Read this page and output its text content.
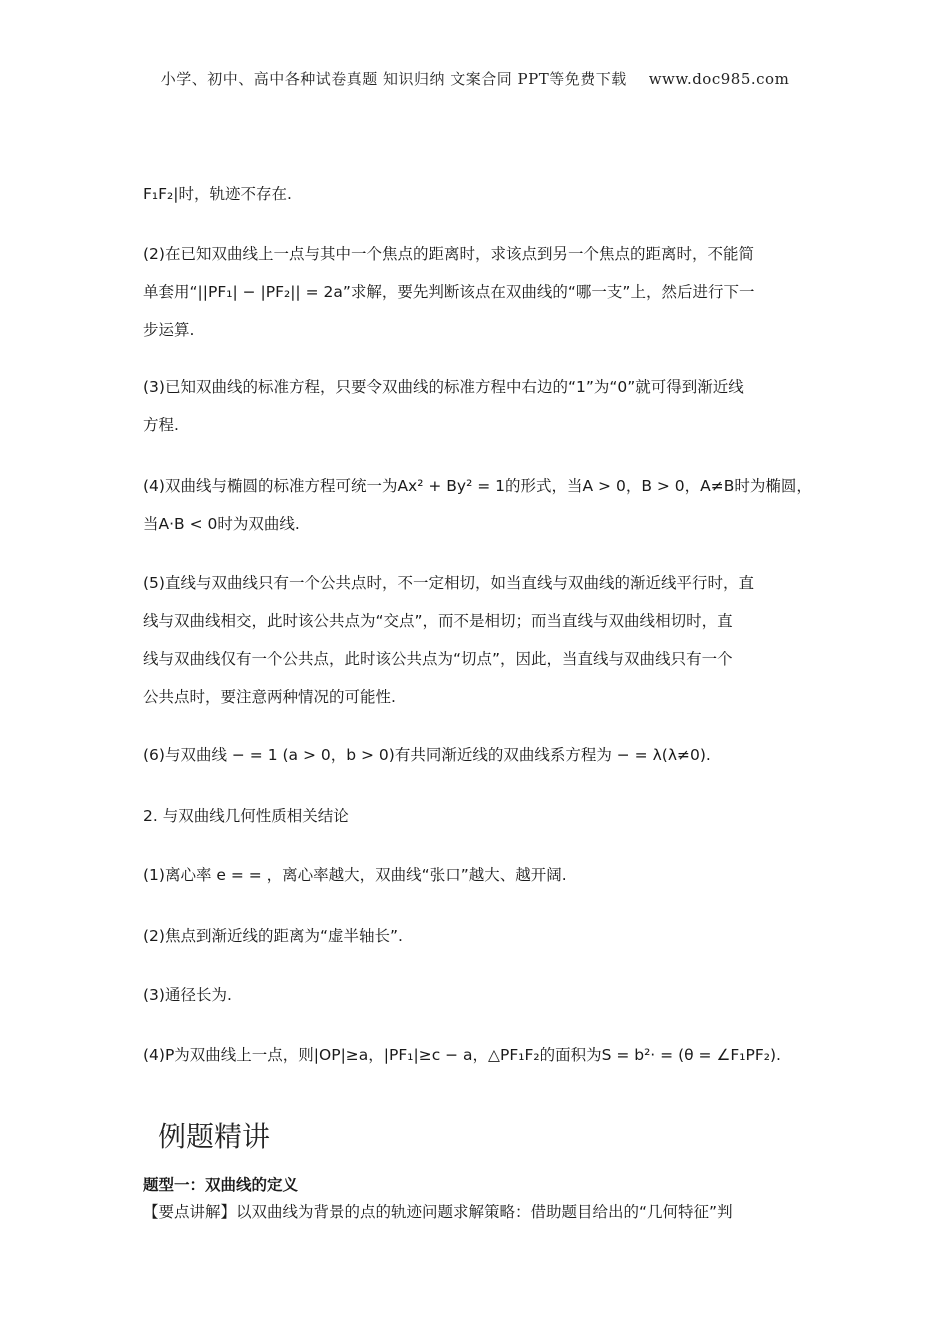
小学、初中、高中各种试卷真题 知识归纳 文案合同 PPT等免费下载 www.doc985.com
F₁F₂|时，轨迹不存在.
(2)在已知双曲线上一点与其中一个焦点的距离时，求该点到另一个焦点的距离时，不能简
单套用“||PF₁| − |PF₂|| = 2a”求解，要先判断该点在双曲线的“哪一支”上，然后进行下一
步运算.
(3)已知双曲线的标准方程，只要令双曲线的标准方程中右边的“1”为“0”就可得到渐近线
方程.
(4)双曲线与椭圆的标准方程可统一为Ax² + By² = 1的形式，当A > 0，B > 0，A≠B时为椭圆，
当A·B < 0时为双曲线.
(5)直线与双曲线只有一个公共点时，不一定相切，如当直线与双曲线的渐近线平行时，直
线与双曲线相交，此时该公共点为“交点”，而不是相切；而当直线与双曲线相切时，直
线与双曲线仅有一个公共点，此时该公共点为“切点”，因此，当直线与双曲线只有一个
公共点时，要注意两种情况的可能性.
(6)与双曲线 − = 1 (a > 0，b > 0)有共同渐近线的双曲线系方程为 − = λ(λ≠0).
2. 与双曲线几何性质相关结论
(1)离心率 e = = ，离心率越大，双曲线“张口”越大、越开阔.
(2)焦点到渐近线的距离为“虚半轴长”.
(3)通径长为.
(4)P为双曲线上一点，则|OP|≥a，|PF₁|≥c − a，△PF₁F₂的面积为S = b²· = (θ = ∠F₁PF₂).
例题精讲
题型一：双曲线的定义
【要点讲解】以双曲线为背景的点的轨迹问题求解策略：借助题目给出的“几何特征”判
